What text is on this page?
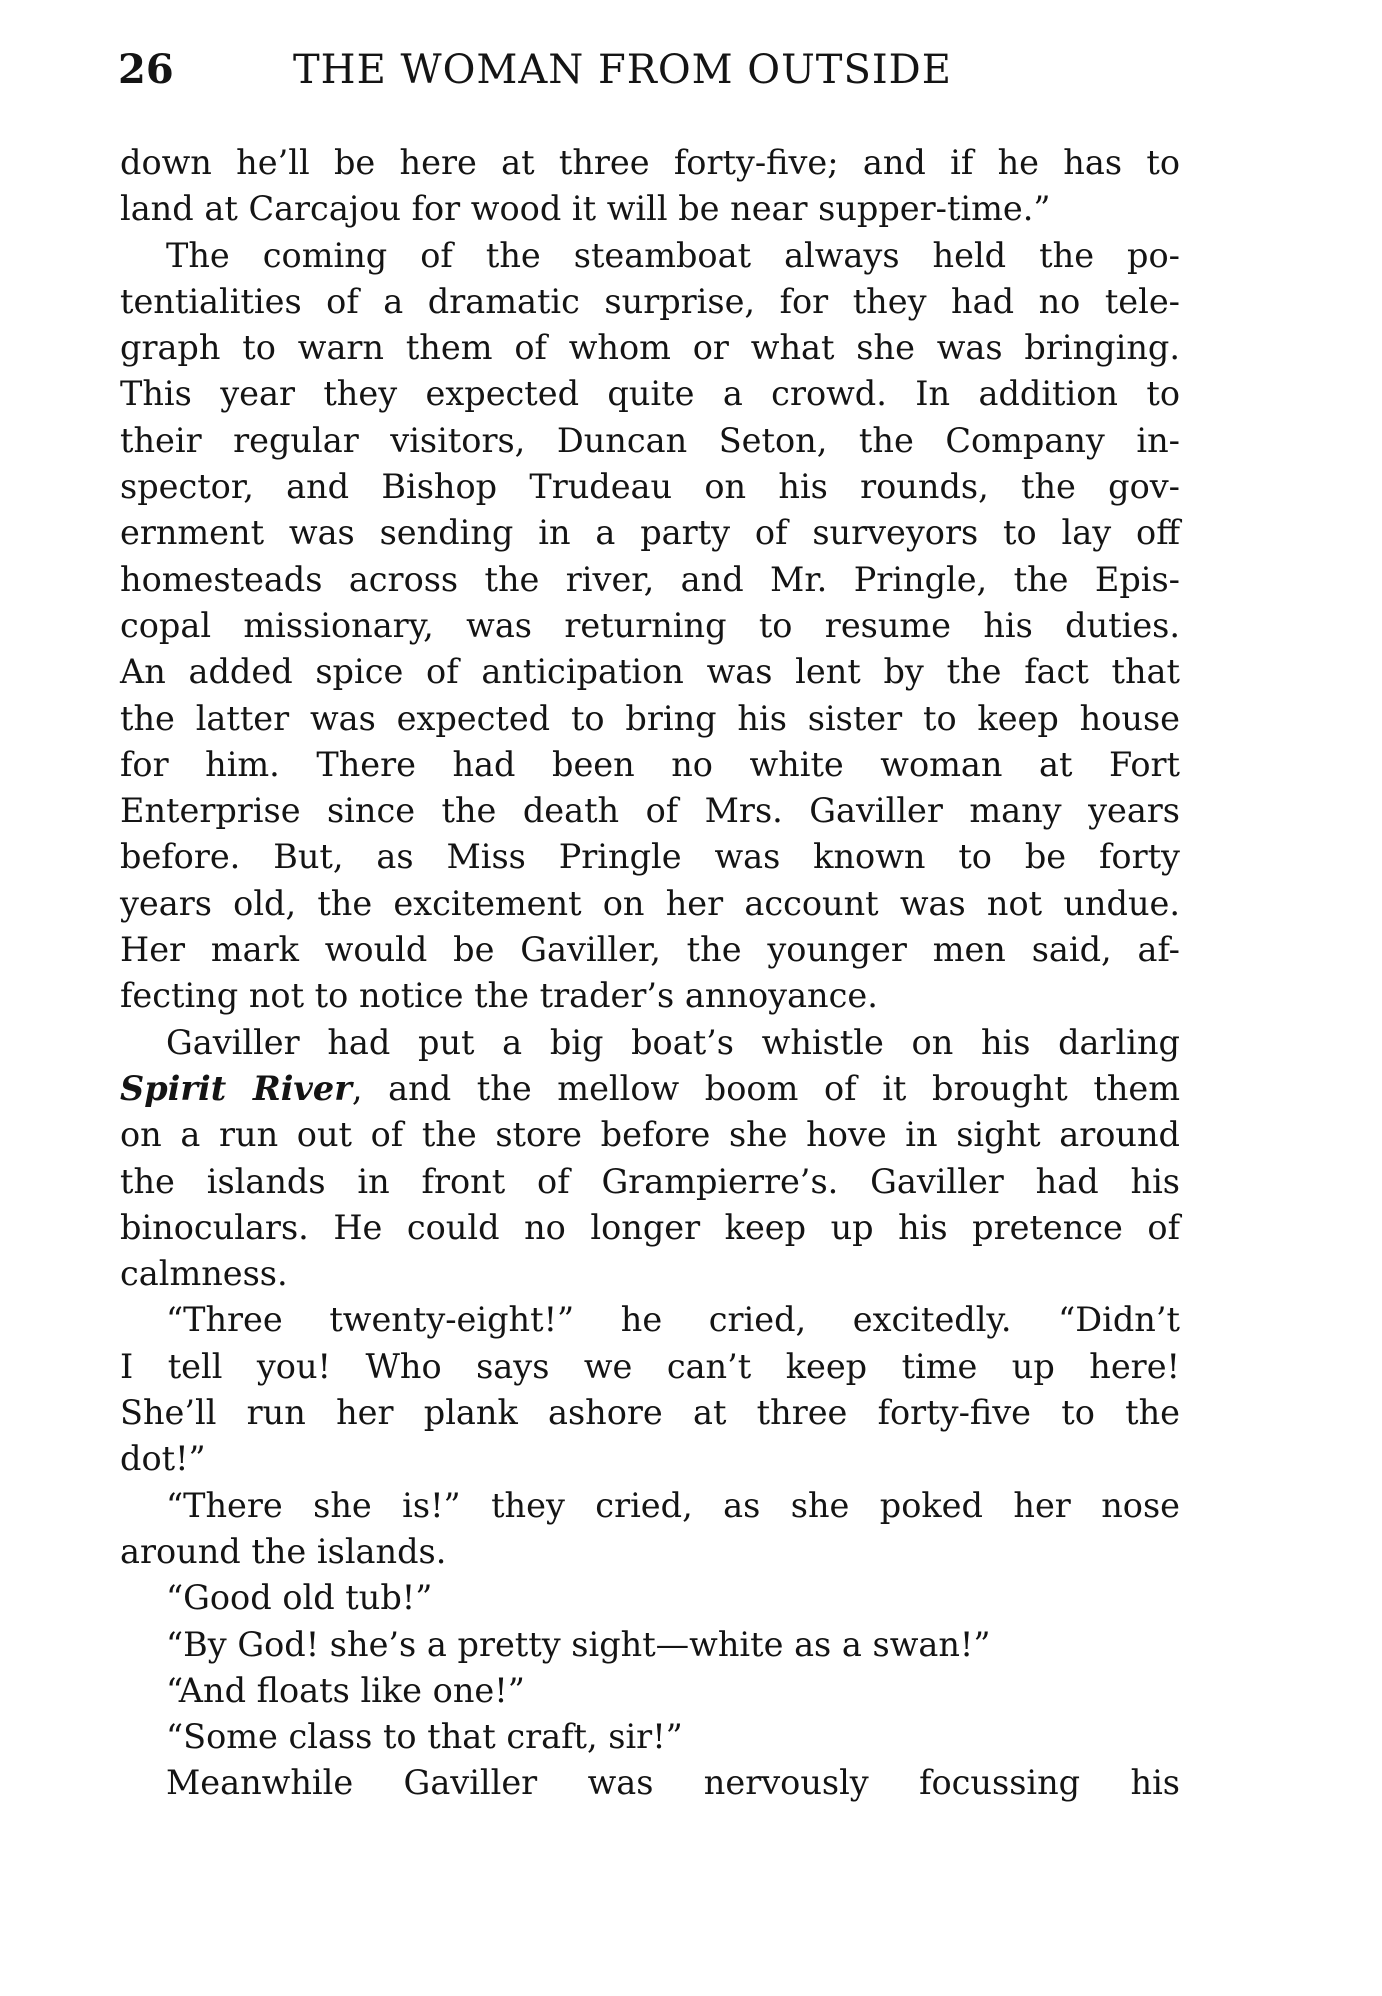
26	THE WOMAN FROM OUTSIDE
down he’ll be here at three forty-five; and if he has to
land at Carcajou for wood it will be near supper-time.”
The coming of the steamboat always held the po-
tentialities of a dramatic surprise, for they had no tele-
graph to warn them of whom or what she was bringing.
This year they expected quite a crowd. In addition to
their regular visitors, Duncan Seton, the Company in-
spector, and Bishop Trudeau on his rounds, the gov-
ernment was sending in a party of surveyors to lay off
homesteads across the river, and Mr. Pringle, the Epis-
copal missionary, was returning to resume his duties.
An added spice of anticipation was lent by the fact that
the latter was expected to bring his sister to keep house
for him. There had been no white woman at Fort
Enterprise since the death of Mrs. Gaviller many years
before. But, as Miss Pringle was known to be forty
years old, the excitement on her account was not undue.
Her mark would be Gaviller, the younger men said, af-
fecting not to notice the trader’s annoyance.
Gaviller had put a big boat’s whistle on his darling
Spirit River, and the mellow boom of it brought them
on a run out of the store before she hove in sight around
the islands in front of Grampierre’s. Gaviller had his
binoculars. He could no longer keep up his pretence of
calmness.
“Three twenty-eight!” he cried, excitedly. “Didn’t
I tell you! Who says we can’t keep time up here!
She’ll run her plank ashore at three forty-five to the
dot!”
“There she is!” they cried, as she poked her nose
around the islands.
“Good old tub!”
“By God! she’s a pretty sight—white as a swan!”
“And floats like one!”
“Some class to that craft, sir!”
Meanwhile Gaviller was nervously focussing his
